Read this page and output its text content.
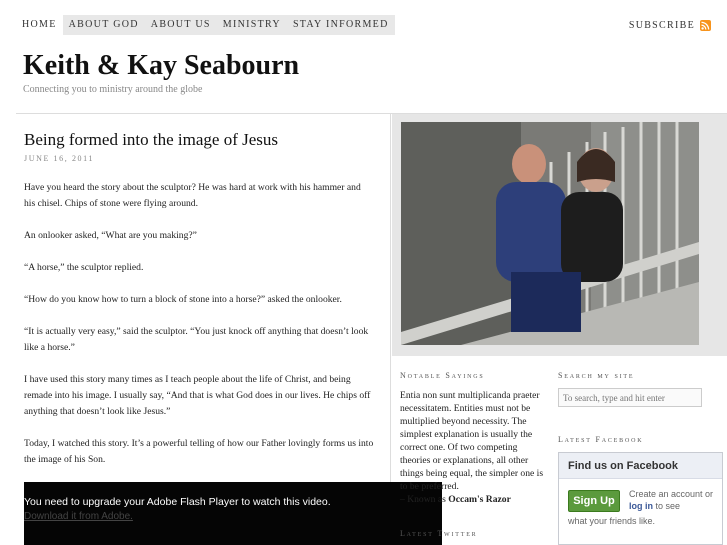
HOME	ABOUT GOD	ABOUT US	MINISTRY	STAY INFORMED	SUBSCRIBE
Keith & Kay Seabourn
Connecting you to ministry around the globe
Being formed into the image of Jesus
JUNE 16, 2011

Have you heard the story about the sculptor? He was hard at work with his hammer and his chisel. Chips of stone were flying around.

An onlooker asked, “What are you making?”

“A horse,” the sculptor replied.

“How do you know how to turn a block of stone into a horse?” asked the onlooker.

“It is actually very easy,” said the sculptor. “You just knock off anything that doesn’t look like a horse.”

I have used this story many times as I teach people about the life of Christ, and being remade into his image. I usually say, “And that is what God does in our lives. He chips off anything that doesn’t look like Jesus.”

Today, I watched this story. It’s a powerful telling of how our Father lovingly forms us into the image of his Son.

You need to upgrade your Adobe Flash Player to watch this video.
Download it from Adobe.
Notable Sayings
Entia non sunt multiplicanda praeter necessitatem. Entities must not be multiplied beyond necessity. The simplest explanation is usually the correct one. Of two competing theories or explanations, all other things being equal, the simpler one is to be preferred.
– Known as Occam's Razor
Latest Twitter
Search my site
To search, type and hit enter
Latest Facebook
Find us on Facebook
Sign Up
Create an account or log in to see
what your friends like.
